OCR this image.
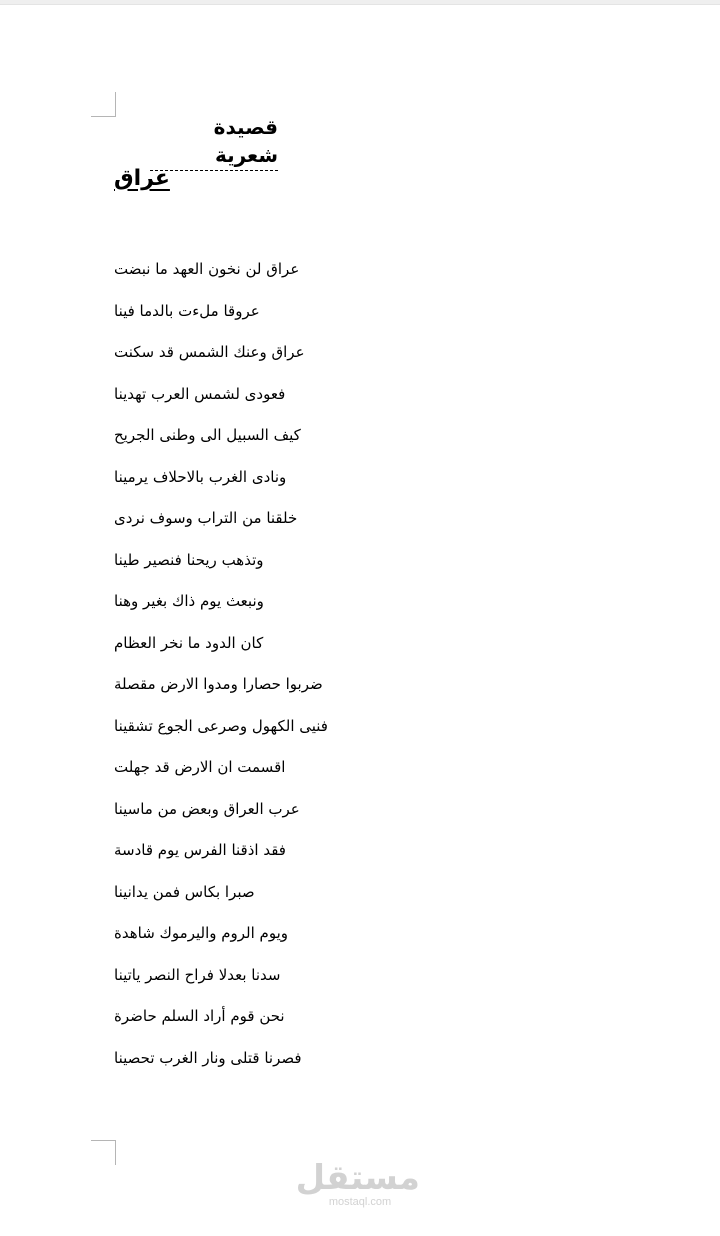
قصيدة شعرية
عراق
عراق لن نخون العهد ما نبضت
عروقا ملءت بالدما فينا
عراق وعنك الشمس قد سكنت
فعودى لشمس العرب تهدينا
كيف السبيل الى وطنى الجريح
ونادى الغرب بالاحلاف يرمينا
خلقنا من التراب وسوف نردى
وتذهب ريحنا فنصير طينا
ونبعث يوم ذاك بغير وهنا
كان الدود ما نخر العظام
ضربوا حصارا ومدوا الارض مقصلة
فنيى الكهول وصرعى الجوع تشقينا
اقسمت ان الارض قد جهلت
عرب العراق وبعض من ماسينا
فقد اذقنا الفرس يوم قادسة
صبرا بكاس فمن يدانينا
ويوم الروم واليرموك شاهدة
سدنا بعدلا فراح النصر ياتينا
نحن قوم أراد السلم حاضرة
فصرنا قتلى ونار الغرب تحصينا
مستقل
mostaql.com
